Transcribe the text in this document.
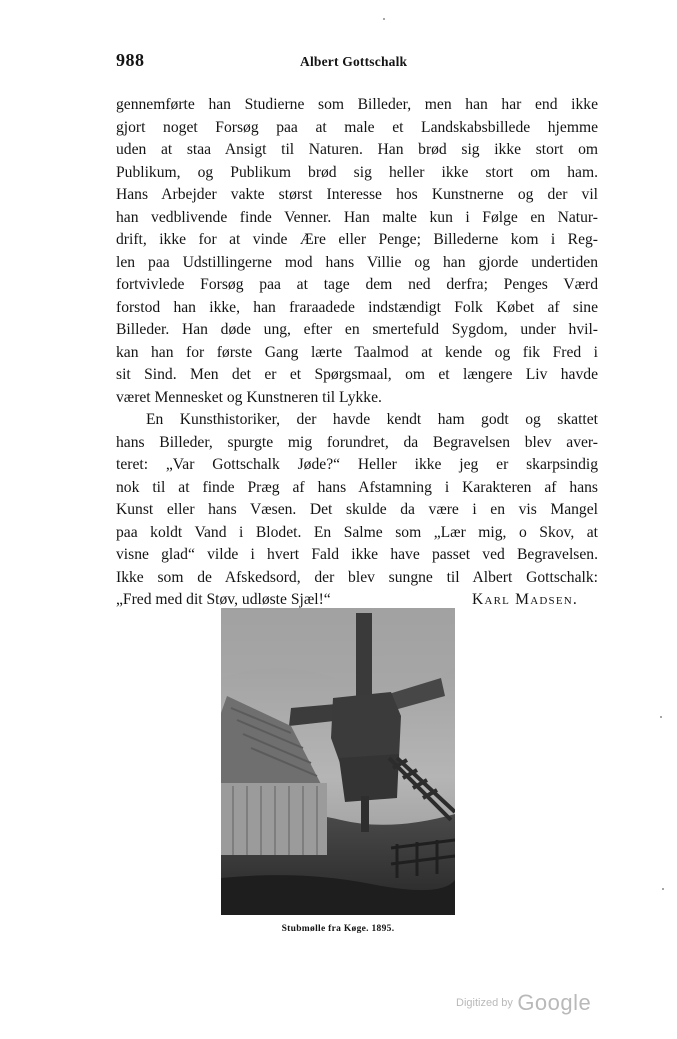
988	Albert Gottschalk
gennemførte han Studierne som Billeder, men han har end ikke
gjort noget Forsøg paa at male et Landskabsbillede hjemme
uden at staa Ansigt til Naturen. Han brød sig ikke stort om
Publikum, og Publikum brød sig heller ikke stort om ham.
Hans Arbejder vakte størst Interesse hos Kunstnerne og der vil
han vedblivende finde Venner. Han malte kun i Følge en Natur-
drift, ikke for at vinde Ære eller Penge; Billederne kom i Reg-
len paa Udstillingerne mod hans Villie og han gjorde undertiden
fortvivlede Forsøg paa at tage dem ned derfra; Penges Værd
forstod han ikke, han fraraadede indstændigt Folk Købet af sine
Billeder. Han døde ung, efter en smertefuld Sygdom, under hvil-
kan han for første Gang lærte Taalmod at kende og fik Fred i
sit Sind. Men det er et Spørgsmaal, om et længere Liv havde
været Mennesket og Kunstneren til Lykke.
En Kunsthistoriker, der havde kendt ham godt og skattet
hans Billeder, spurgte mig forundret, da Begravelsen blev aver-
teret: „Var Gottschalk Jøde?“ Heller ikke jeg er skarpsindig
nok til at finde Præg af hans Afstamning i Karakteren af hans
Kunst eller hans Væsen. Det skulde da være i en vis Mangel
paa koldt Vand i Blodet. En Salme som „Lær mig, o Skov, at
visne glad“ vilde i hvert Fald ikke have passet ved Begravelsen.
Ikke som de Afskedsord, der blev sungne til Albert Gottschalk:
„Fred med dit Støv, udløste Sjæl!“	Karl Madsen.
Stubmølle fra Køge. 1895.
Digitized by Google
